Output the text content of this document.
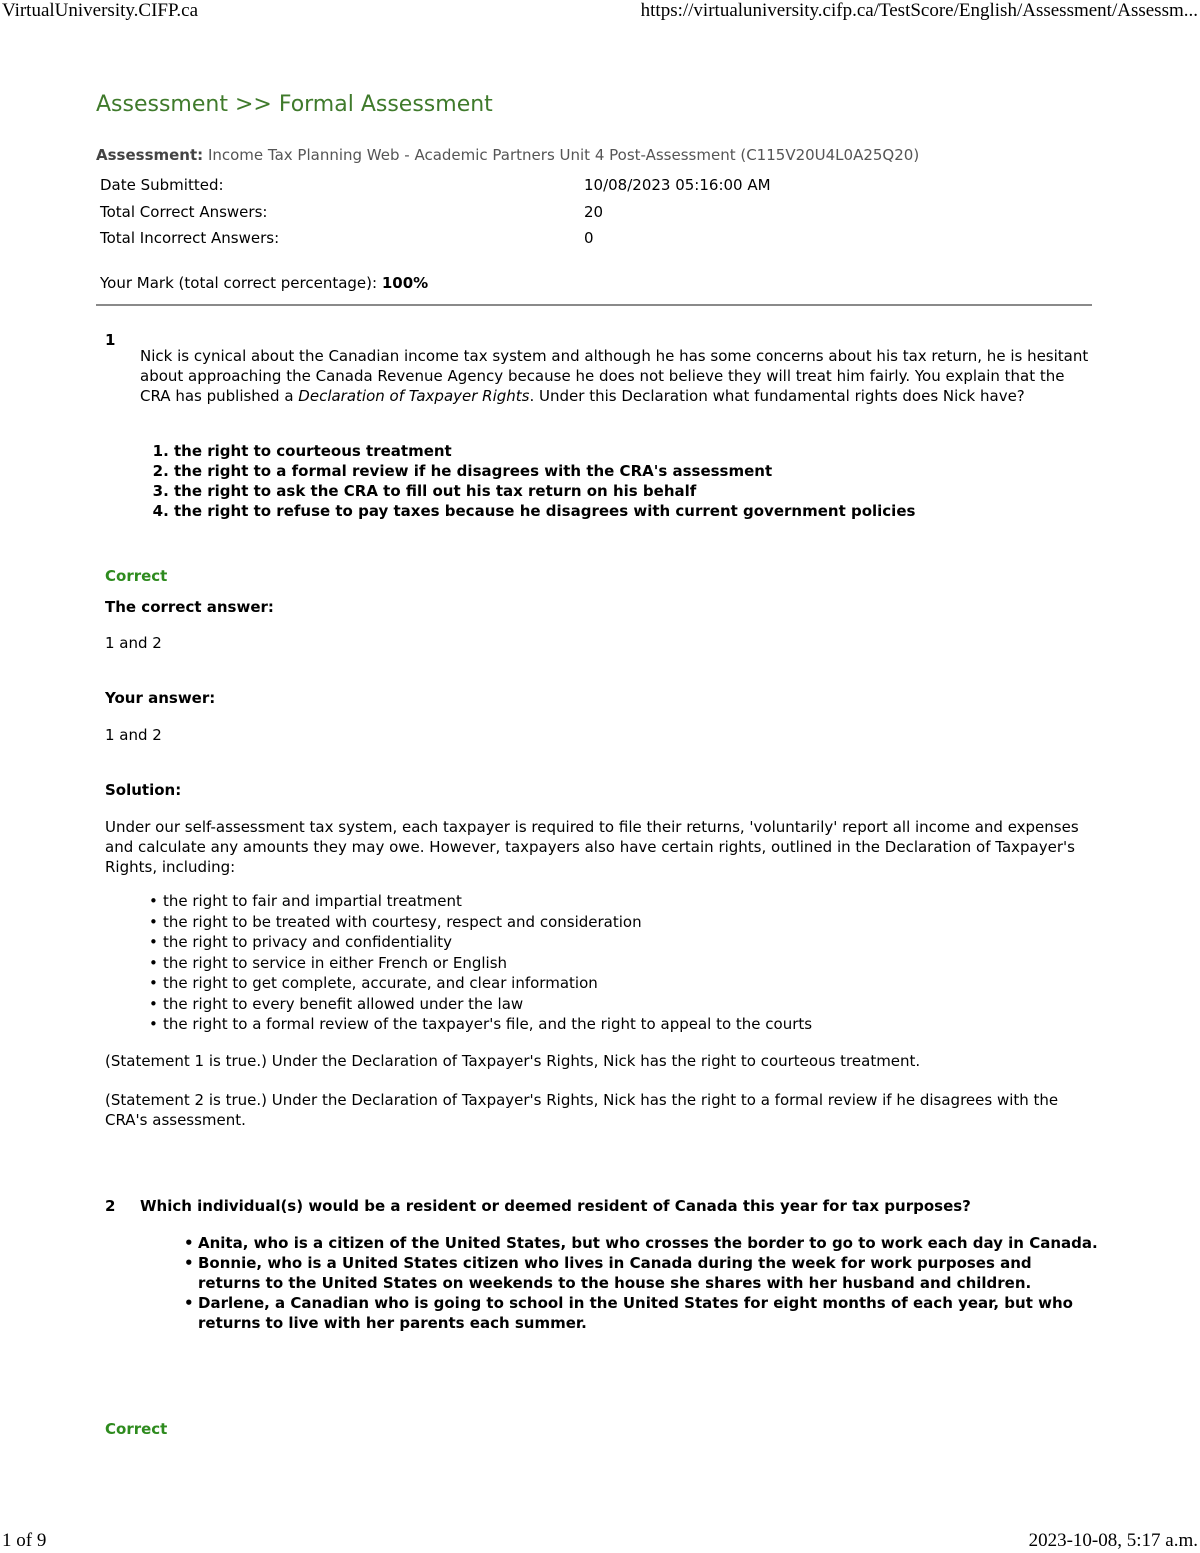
VirtualUniversity.CIFP.ca	https://virtualuniversity.cifp.ca/TestScore/English/Assessment/Assessm...
Assessment >> Formal Assessment
Assessment: Income Tax Planning Web - Academic Partners Unit 4 Post-Assessment (C115V20U4L0A25Q20)
Date Submitted:	10/08/2023 05:16:00 AM
Total Correct Answers:	20
Total Incorrect Answers:	0
Your Mark (total correct percentage): 100%
1
Nick is cynical about the Canadian income tax system and although he has some concerns about his tax return, he is hesitant about approaching the Canada Revenue Agency because he does not believe they will treat him fairly. You explain that the CRA has published a Declaration of Taxpayer Rights. Under this Declaration what fundamental rights does Nick have?
1. the right to courteous treatment
2. the right to a formal review if he disagrees with the CRA's assessment
3. the right to ask the CRA to fill out his tax return on his behalf
4. the right to refuse to pay taxes because he disagrees with current government policies
Correct
The correct answer:
1 and 2
Your answer:
1 and 2
Solution:
Under our self-assessment tax system, each taxpayer is required to file their returns, 'voluntarily' report all income and expenses and calculate any amounts they may owe. However, taxpayers also have certain rights, outlined in the Declaration of Taxpayer's Rights, including:
• the right to fair and impartial treatment
• the right to be treated with courtesy, respect and consideration
• the right to privacy and confidentiality
• the right to service in either French or English
• the right to get complete, accurate, and clear information
• the right to every benefit allowed under the law
• the right to a formal review of the taxpayer's file, and the right to appeal to the courts
(Statement 1 is true.) Under the Declaration of Taxpayer's Rights, Nick has the right to courteous treatment.
(Statement 2 is true.) Under the Declaration of Taxpayer's Rights, Nick has the right to a formal review if he disagrees with the CRA's assessment.
2 Which individual(s) would be a resident or deemed resident of Canada this year for tax purposes?
• Anita, who is a citizen of the United States, but who crosses the border to go to work each day in Canada.
• Bonnie, who is a United States citizen who lives in Canada during the week for work purposes and returns to the United States on weekends to the house she shares with her husband and children.
• Darlene, a Canadian who is going to school in the United States for eight months of each year, but who returns to live with her parents each summer.
Correct
1 of 9	2023-10-08, 5:17 a.m.
